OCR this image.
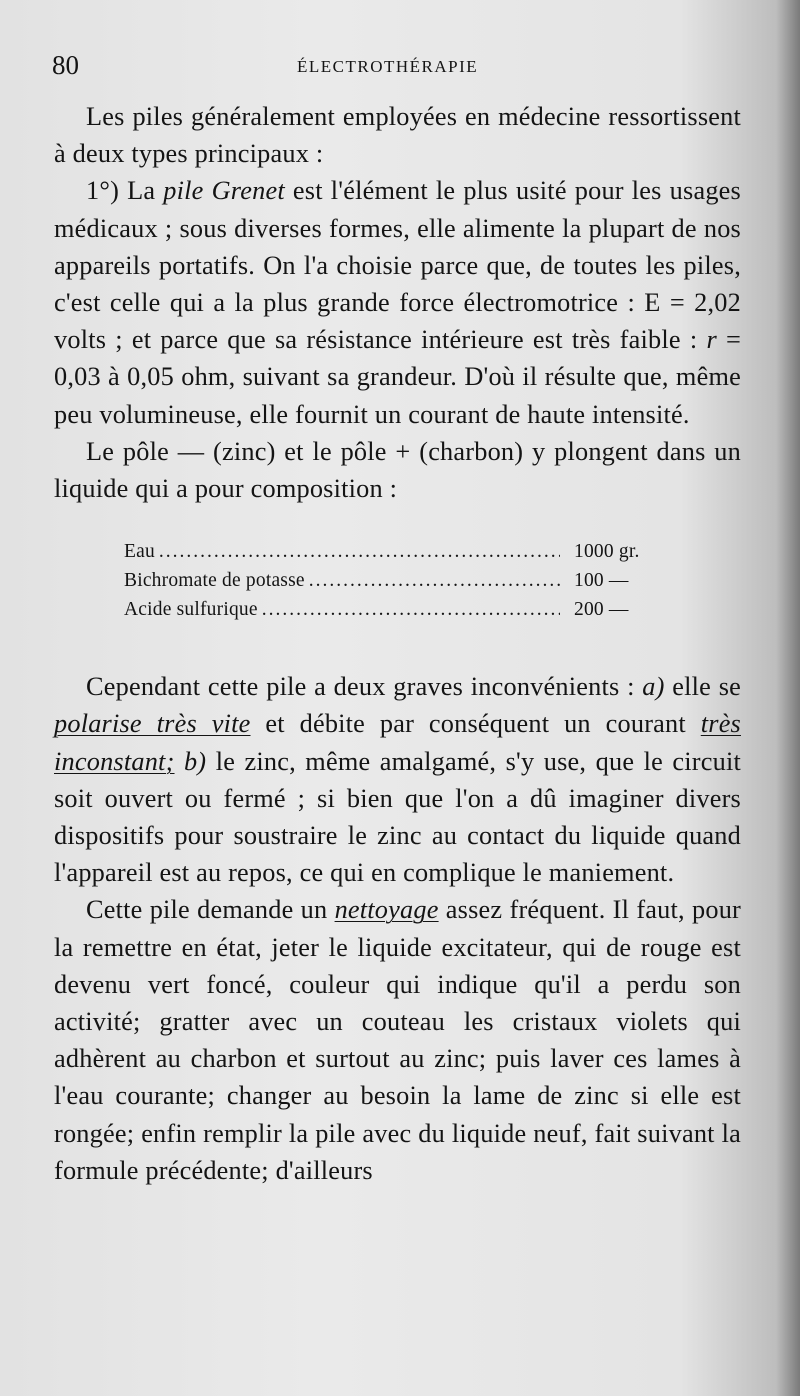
80	ÉLECTROTHÉRAPIE

Les piles généralement employées en médecine ressortissent à deux types principaux :

1°) La pile Grenet est l'élément le plus usité pour les usages médicaux ; sous diverses formes, elle alimente la plupart de nos appareils portatifs. On l'a choisie parce que, de toutes les piles, c'est celle qui a la plus grande force électromotrice : E = 2,02 volts ; et parce que sa résistance intérieure est très faible : r = 0,03 à 0,05 ohm, suivant sa grandeur. D'où il résulte que, même peu volumineuse, elle fournit un courant de haute intensité.

Le pôle — (zinc) et le pôle + (charbon) y plongent dans un liquide qui a pour composition :

Eau .....	1000 gr.
Bichromate de potasse .....	100 —
Acide sulfurique .....	200 —

Cependant cette pile a deux graves inconvénients : a) elle se polarise très vite et débite par conséquent un courant très inconstant; b) le zinc, même amalgamé, s'y use, que le circuit soit ouvert ou fermé ; si bien que l'on a dû imaginer divers dispositifs pour soustraire le zinc au contact du liquide quand l'appareil est au repos, ce qui en complique le maniement.

Cette pile demande un nettoyage assez fréquent. Il faut, pour la remettre en état, jeter le liquide excitateur, qui de rouge est devenu vert foncé, couleur qui indique qu'il a perdu son activité; gratter avec un couteau les cristaux violets qui adhèrent au charbon et surtout au zinc; puis laver ces lames à l'eau courante; changer au besoin la lame de zinc si elle est rongée; enfin remplir la pile avec du liquide neuf, fait suivant la formule précédente; d'ailleurs
